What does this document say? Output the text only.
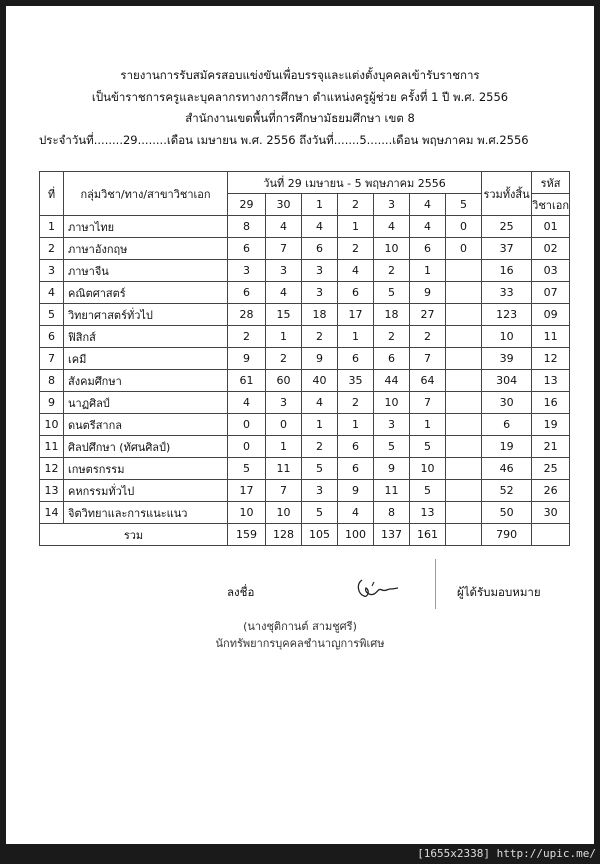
รายงานการรับสมัครสอบแข่งขันเพื่อบรรจุและแต่งตั้งบุคคลเข้ารับราชการ
เป็นข้าราชการครูและบุคลากรทางการศึกษา ตำแหน่งครูผู้ช่วย ครั้งที่ 1 ปี พ.ศ. 2556
สำนักงานเขตพื้นที่การศึกษามัธยมศึกษา เขต 8
ประจำวันที่........29........เดือน เมษายน พ.ศ. 2556 ถึงวันที่.......5.......เดือน พฤษภาคม พ.ศ.2556
ที่	กลุ่มวิชา/ทาง/สาขาวิชาเอก	วันที่ 29 เมษายน - 5 พฤษภาคม 2556							รวมทั้งสิ้น	รหัส
		29	30	1	2	3	4	5		วิชาเอก
1	ภาษาไทย	8	4	4	1	4	4	0	25	01
2	ภาษาอังกฤษ	6	7	6	2	10	6	0	37	02
3	ภาษาจีน	3	3	3	4	2	1		16	03
4	คณิตศาสตร์	6	4	3	6	5	9		33	07
5	วิทยาศาสตร์ทั่วไป	28	15	18	17	18	27		123	09
6	ฟิสิกส์	2	1	2	1	2	2		10	11
7	เคมี	9	2	9	6	6	7		39	12
8	สังคมศึกษา	61	60	40	35	44	64		304	13
9	นาฏศิลป์	4	3	4	2	10	7		30	16
10	ดนตรีสากล	0	0	1	1	3	1		6	19
11	ศิลปศึกษา (ทัศนศิลป์)	0	1	2	6	5	5		19	21
12	เกษตรกรรม	5	11	5	6	9	10		46	25
13	คหกรรมทั่วไป	17	7	3	9	11	5		52	26
14	จิตวิทยาและการแนะแนว	10	10	5	4	8	13		50	30
รวม		159	128	105	100	137	161		790	
ลงชื่อ	ผู้ได้รับมอบหมาย
(นางชุติกานต์ สามชูศรี)
นักทรัพยากรบุคคลชำนาญการพิเศษ
[1655x2338] http://upic.me/
